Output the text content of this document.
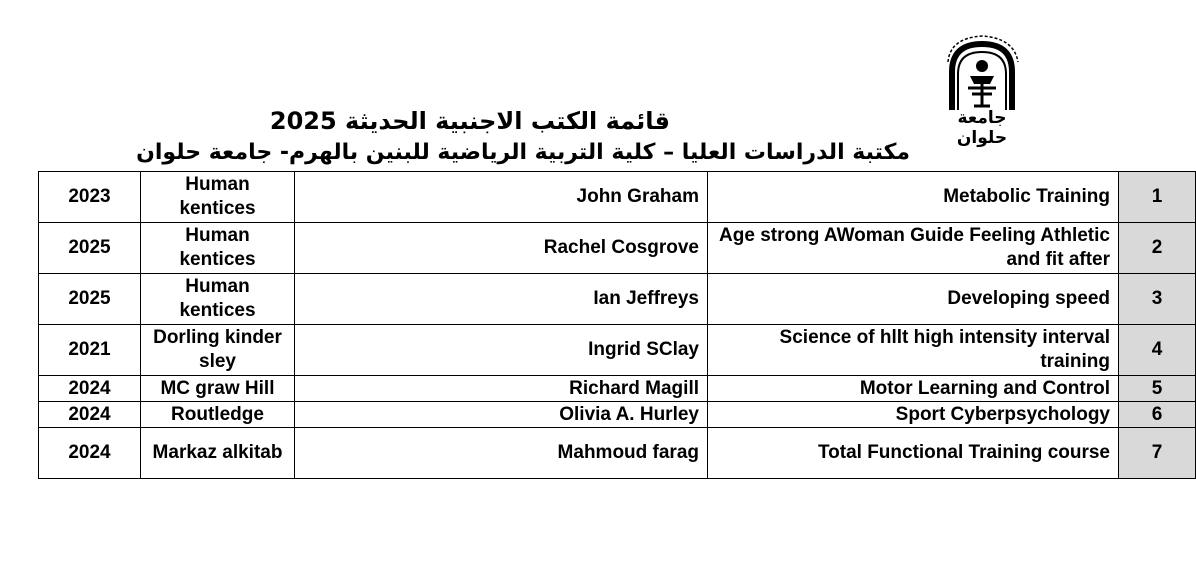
جامعة حلوان
قائمة الكتب الاجنبية الحديثة 2025
مكتبة الدراسات العليا – كلية التربية الرياضية للبنين بالهرم- جامعة حلوان
2023	Human kentices	John Graham	Metabolic Training	1
2025	Human kentices	Rachel Cosgrove	Age strong AWoman Guide Feeling Athletic and fit after	2
2025	Human kentices	Ian Jeffreys	Developing speed	3
2021	Dorling kinder sley	Ingrid SClay	Science of hllt high intensity interval training	4
2024	MC graw Hill	Richard Magill	Motor Learning and Control	5
2024	Routledge	Olivia A. Hurley	Sport Cyberpsychology	6
2024	Markaz alkitab	Mahmoud farag	Total Functional Training course	7
